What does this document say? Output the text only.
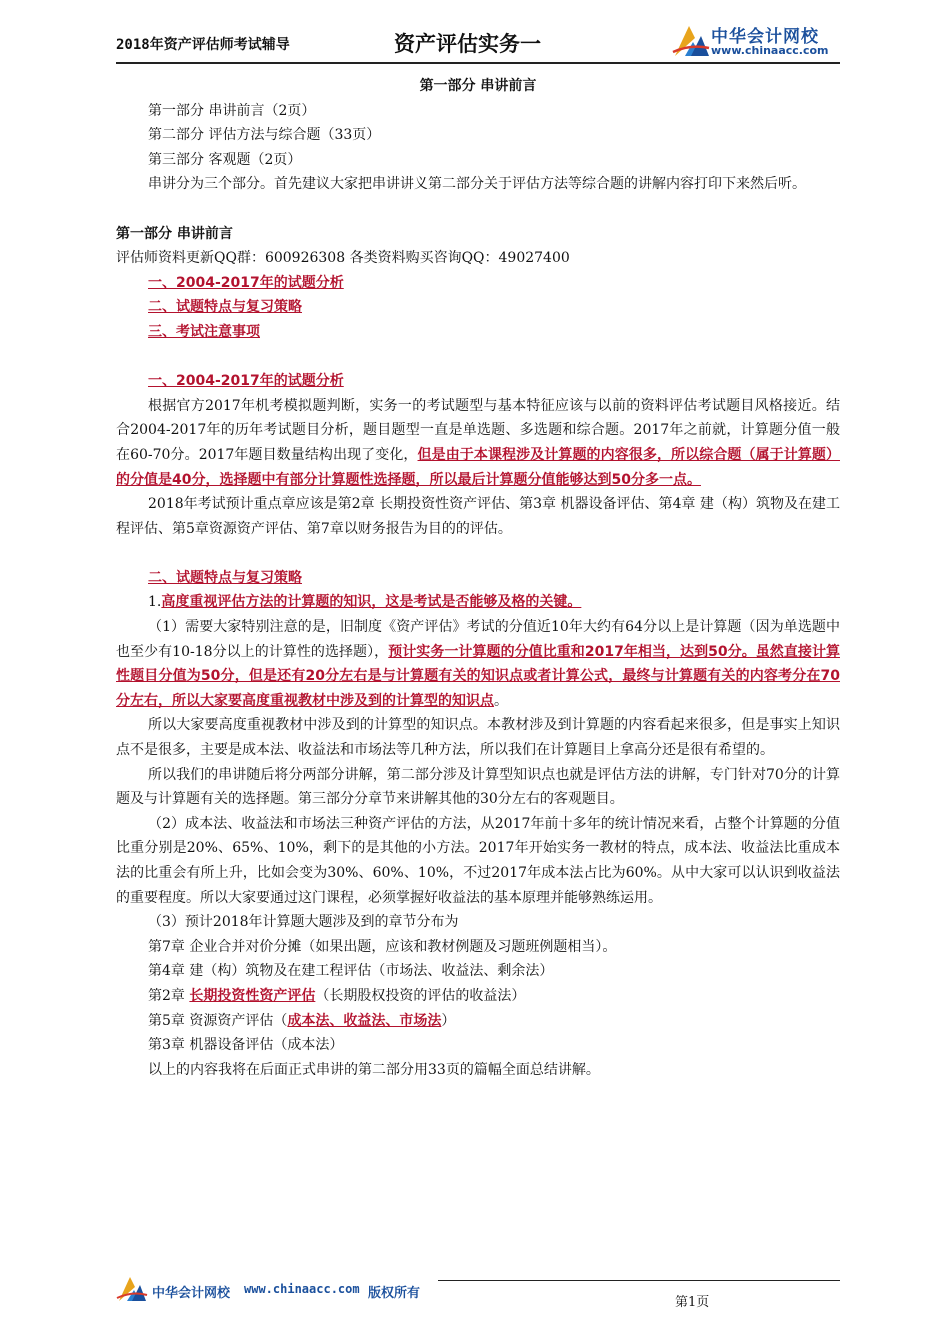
2018年资产评估师考试辅导	资产评估实务一	中华会计网校
www.chinaacc.com

第一部分 串讲前言

第一部分 串讲前言（2页）

第二部分 评估方法与综合题（33页）

第三部分 客观题（2页）

串讲分为三个部分。首先建议大家把串讲讲义第二部分关于评估方法等综合题的讲解内容打印下来然后听。

第一部分 串讲前言

评估师资料更新QQ群：600926308 各类资料购买咨询QQ：49027400

一、2004-2017年的试题分析

二、试题特点与复习策略

三、考试注意事项

一、2004-2017年的试题分析

根据官方2017年机考模拟题判断，实务一的考试题型与基本特征应该与以前的资料评估考试题目风格接近。结合2004-2017年的历年考试题目分析，题目题型一直是单选题、多选题和综合题。2017年之前就，计算题分值一般在60-70分。2017年题目数量结构出现了变化，但是由于本课程涉及计算题的内容很多，所以综合题（属于计算题）的分值是40分，选择题中有部分计算题性选择题，所以最后计算题分值能够达到50分多一点。

2018年考试预计重点章应该是第2章 长期投资性资产评估、第3章 机器设备评估、第4章 建（构）筑物及在建工程评估、第5章资源资产评估、第7章以财务报告为目的的评估。

二、试题特点与复习策略

1.高度重视评估方法的计算题的知识，这是考试是否能够及格的关键。

（1）需要大家特别注意的是，旧制度《资产评估》考试的分值近10年大约有64分以上是计算题（因为单选题中也至少有10-18分以上的计算性的选择题），预计实务一计算题的分值比重和2017年相当，达到50分。虽然直接计算性题目分值为50分，但是还有20分左右是与计算题有关的知识点或者计算公式，最终与计算题有关的内容考分在70分左右，所以大家要高度重视教材中涉及到的计算型的知识点。

所以大家要高度重视教材中涉及到的计算型的知识点。本教材涉及到计算题的内容看起来很多，但是事实上知识点不是很多，主要是成本法、收益法和市场法等几种方法，所以我们在计算题目上拿高分还是很有希望的。

所以我们的串讲随后将分两部分讲解，第二部分涉及计算型知识点也就是评估方法的讲解，专门针对70分的计算题及与计算题有关的选择题。第三部分分章节来讲解其他的30分左右的客观题目。

（2）成本法、收益法和市场法三种资产评估的方法，从2017年前十多年的统计情况来看，占整个计算题的分值比重分别是20%、65%、10%，剩下的是其他的小方法。2017年开始实务一教材的特点，成本法、收益法比重成本法的比重会有所上升，比如会变为30%、60%、10%，不过2017年成本法占比为60%。从中大家可以认识到收益法的重要程度。所以大家要通过这门课程，必须掌握好收益法的基本原理并能够熟练运用。

（3）预计2018年计算题大题涉及到的章节分布为

第7章 企业合并对价分摊（如果出题，应该和教材例题及习题班例题相当）。

第4章 建（构）筑物及在建工程评估（市场法、收益法、剩余法）

第2章 长期投资性资产评估（长期股权投资的评估的收益法）

第5章 资源资产评估（成本法、收益法、市场法）

第3章 机器设备评估（成本法）

以上的内容我将在后面正式串讲的第二部分用33页的篇幅全面总结讲解。

中华会计网校 www.chinaacc.com 版权所有
第1页
